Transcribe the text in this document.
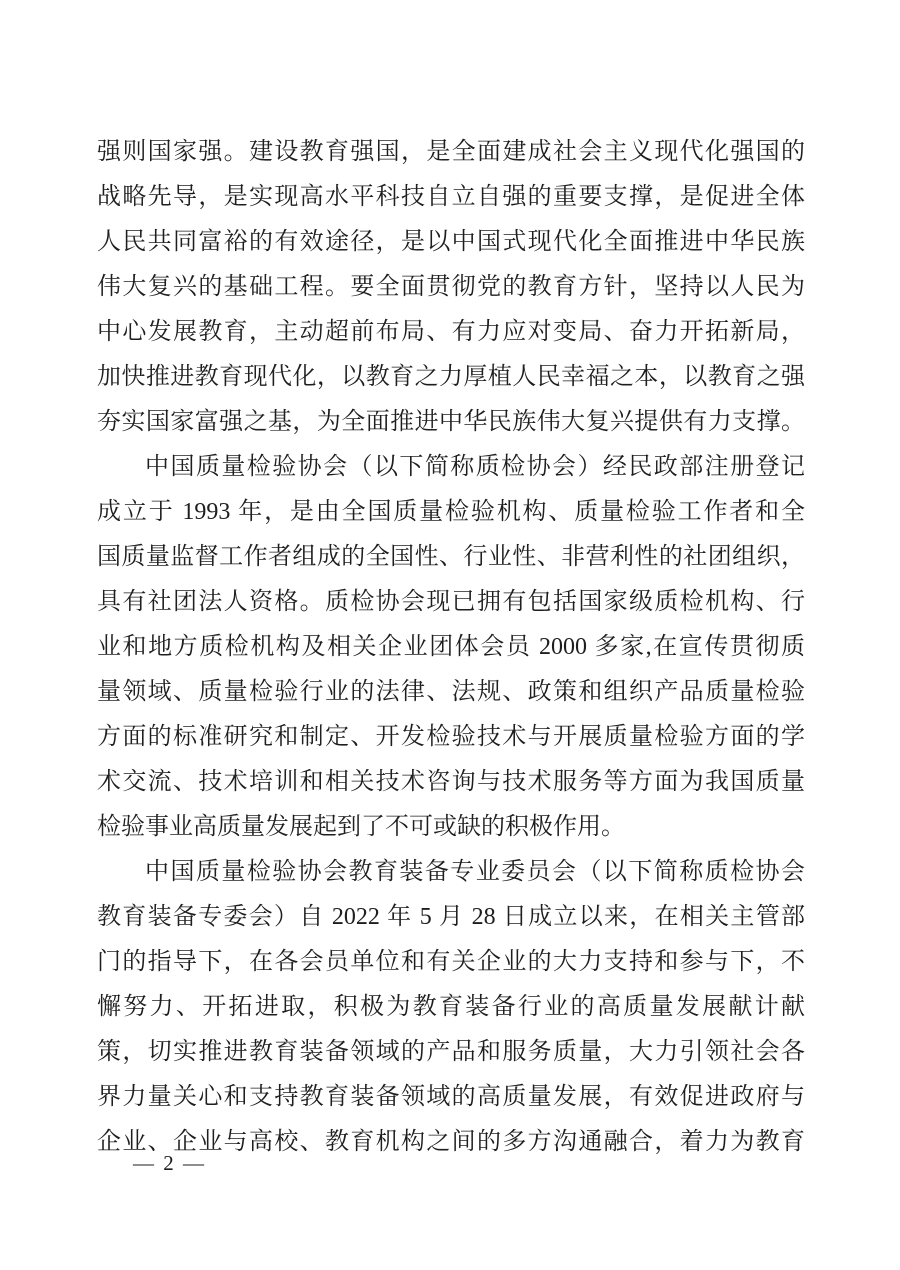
强则国家强。建设教育强国，是全面建成社会主义现代化强国的
战略先导，是实现高水平科技自立自强的重要支撑，是促进全体
人民共同富裕的有效途径，是以中国式现代化全面推进中华民族
伟大复兴的基础工程。要全面贯彻党的教育方针，坚持以人民为
中心发展教育，主动超前布局、有力应对变局、奋力开拓新局，
加快推进教育现代化，以教育之力厚植人民幸福之本，以教育之强
夯实国家富强之基，为全面推进中华民族伟大复兴提供有力支撑。
中国质量检验协会（以下简称质检协会）经民政部注册登记
成立于 1993 年，是由全国质量检验机构、质量检验工作者和全
国质量监督工作者组成的全国性、行业性、非营利性的社团组织，
具有社团法人资格。质检协会现已拥有包括国家级质检机构、行
业和地方质检机构及相关企业团体会员 2000 多家,在宣传贯彻质
量领域、质量检验行业的法律、法规、政策和组织产品质量检验
方面的标准研究和制定、开发检验技术与开展质量检验方面的学
术交流、技术培训和相关技术咨询与技术服务等方面为我国质量
检验事业高质量发展起到了不可或缺的积极作用。
中国质量检验协会教育装备专业委员会（以下简称质检协会
教育装备专委会）自 2022 年 5 月 28 日成立以来，在相关主管部
门的指导下，在各会员单位和有关企业的大力支持和参与下，不
懈努力、开拓进取，积极为教育装备行业的高质量发展献计献
策，切实推进教育装备领域的产品和服务质量，大力引领社会各
界力量关心和支持教育装备领域的高质量发展，有效促进政府与
企业、企业与高校、教育机构之间的多方沟通融合，着力为教育
— 2 —
